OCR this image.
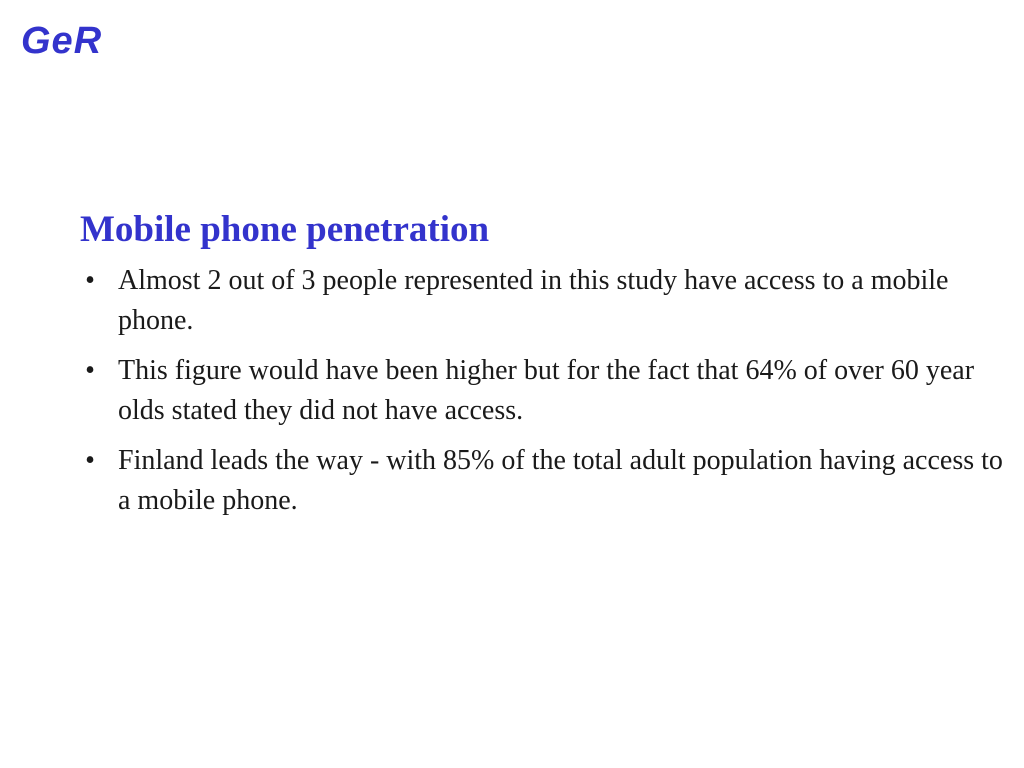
GeR
Mobile phone penetration
• Almost 2 out of 3 people represented in this study have access to a mobile phone.
• This figure would have been higher but for the fact that 64% of over 60 year olds stated they did not have access.
• Finland leads the way - with 85% of the total adult population having access to a mobile phone.
